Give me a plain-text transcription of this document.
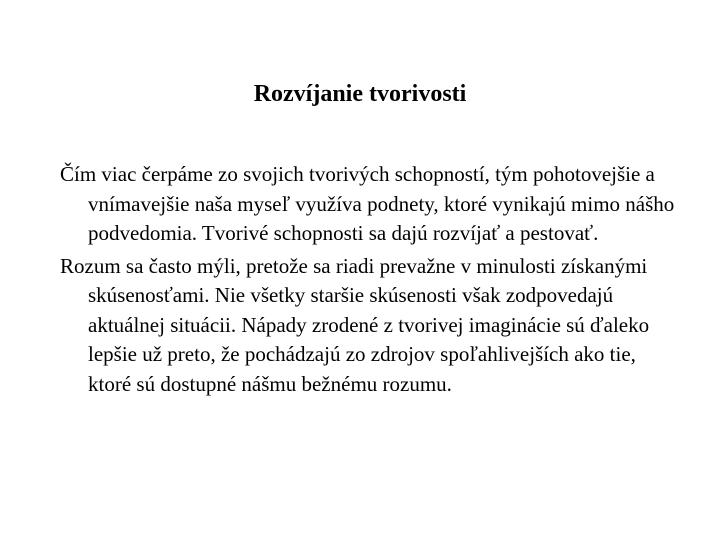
Rozvíjanie tvorivosti

Čím viac čerpáme zo svojich tvorivých schopností, tým pohotovejšie a vnímavejšie naša myseľ využíva podnety, ktoré vynikajú mimo nášho podvedomia. Tvorivé schopnosti sa dajú rozvíjať a pestovať.

Rozum sa často mýli, pretože sa riadi prevažne v minulosti získanými skúsenosťami. Nie všetky staršie skúsenosti však zodpovedajú aktuálnej situácii. Nápady zrodené z tvorivej imaginácie sú ďaleko lepšie už preto, že pochádzajú zo zdrojov spoľahlivejších ako tie, ktoré sú dostupné nášmu bežnému rozumu.
